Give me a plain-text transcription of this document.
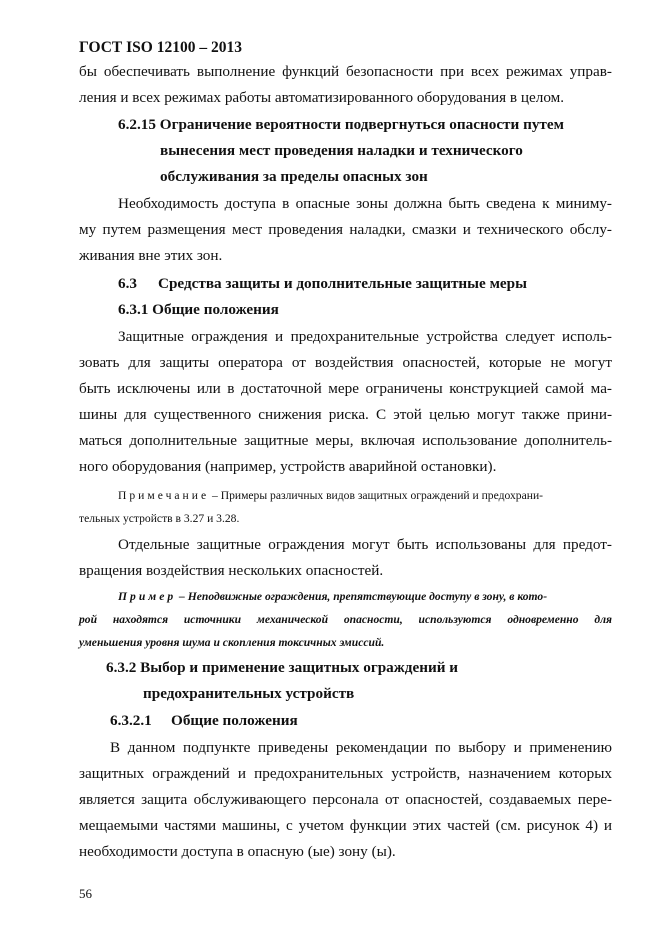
ГОСТ ISO 12100 – 2013
бы обеспечивать выполнение функций безопасности при всех режимах управ-
ления и всех режимах работы автоматизированного оборудования в целом.
6.2.15 Ограничение вероятности подвергнуться опасности путем
вынесения мест проведения наладки и технического
обслуживания за пределы опасных зон
Необходимость доступа в опасные зоны должна быть сведена к миниму-
му путем размещения мест проведения наладки, смазки и технического обслу-
живания вне этих зон.
6.3 Средства защиты и дополнительные защитные меры
6.3.1 Общие положения
Защитные ограждения и предохранительные устройства следует исполь-
зовать для защиты оператора от воздействия опасностей, которые не могут
быть исключены или в достаточной мере ограничены конструкцией самой ма-
шины для существенного снижения риска. С этой целью могут также прини-
маться дополнительные защитные меры, включая использование дополнитель-
ного оборудования (например, устройств аварийной остановки).
Примечание – Примеры различных видов защитных ограждений и предохрани-
тельных устройств в 3.27 и 3.28.
Отдельные защитные ограждения могут быть использованы для предот-
вращения воздействия нескольких опасностей.
Пример – Неподвижные ограждения, препятствующие доступу в зону, в кото-
рой находятся источники механической опасности, используются одновременно для
уменьшения уровня шума и скопления токсичных эмиссий.
6.3.2 Выбор и применение защитных ограждений и
предохранительных устройств
6.3.2.1 Общие положения
В данном подпункте приведены рекомендации по выбору и применению
защитных ограждений и предохранительных устройств, назначением которых
является защита обслуживающего персонала от опасностей, создаваемых пере-
мещаемыми частями машины, с учетом функции этих частей (см. рисунок 4) и
необходимости доступа в опасную (ые) зону (ы).
56
